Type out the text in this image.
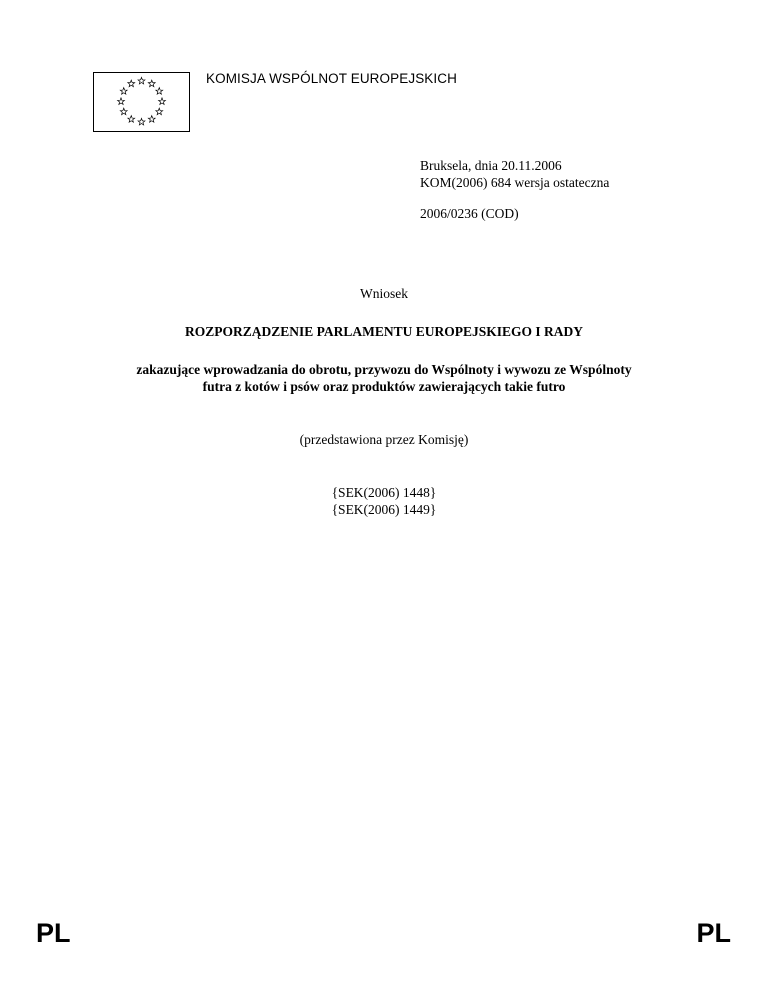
KOMISJA WSPÓLNOT EUROPEJSKICH
Bruksela, dnia 20.11.2006
KOM(2006) 684 wersja ostateczna
2006/0236 (COD)
Wniosek
ROZPORZĄDZENIE PARLAMENTU EUROPEJSKIEGO I RADY
zakazujące wprowadzania do obrotu, przywozu do Wspólnoty i wywozu ze Wspólnoty
futra z kotów i psów oraz produktów zawierających takie futro
(przedstawiona przez Komisję)
{SEK(2006) 1448}
{SEK(2006) 1449}
PL	PL
